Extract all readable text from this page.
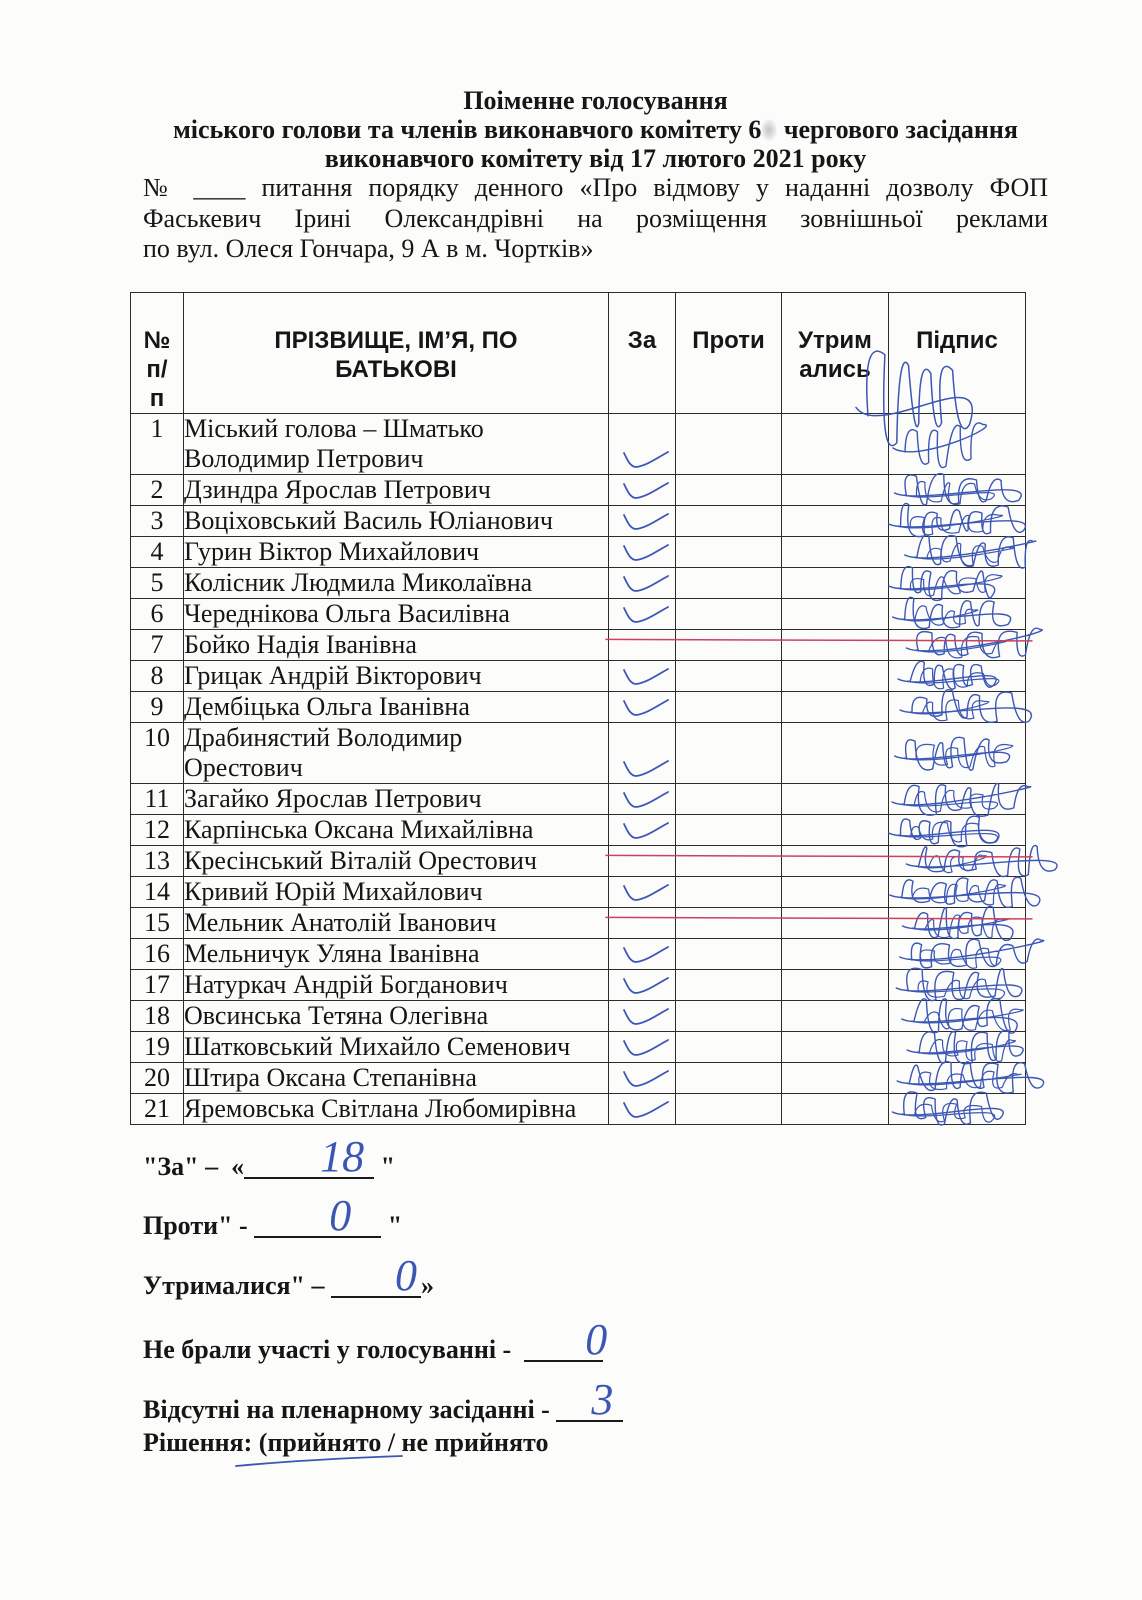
Поіменне голосування
міського голови та членів виконавчого комітету 6 чергового засідання
виконавчого комітету від 17 лютого 2021 року
№ ____ питання порядку денного «Про відмову у наданні дозволу ФОП
Фаськевич Ірині Олександрівні на розміщення зовнішньої реклами
по вул. Олеся Гончара, 9 А в м. Чортків»
№
п/
п	ПРІЗВИЩЕ, ІМ’Я, ПО
БАТЬКОВІ	За	Проти	Утрим
ались	Підпис

1	Міський голова – Шматько
Володимир Петрович

2	Дзиндра Ярослав Петрович

3	Воціховський Василь Юліанович

4	Гурин Віктор Михайлович

5	Колісник Людмила Миколаївна

6	Череднікова Ольга Василівна

7	Бойко Надія Іванівна				

8	Грицак Андрій Вікторович

9	Дембіцька Ольга Іванівна

10	Драбинястий Володимир
Орестович

11	Загайко Ярослав Петрович

12	Карпінська Оксана Михайлівна

13	Кресінський Віталій Орестович				

14	Кривий Юрій Михайлович

15	Мельник Анатолій Іванович				

16	Мельничук Уляна Іванівна

17	Натуркач Андрій Богданович

18	Овсинська Тетяна Олегівна

19	Шатковський Михайло Семенович

20	Штира Оксана Степанівна

21	Яремовська Світлана Любомирівна

"За" –  « 18 "
Проти" - 0 "
Утрималися" – 0 »
Не брали участі у голосуванні - 0
Відсутні на пленарному засіданні - 3
Рішення: (прийнято / не прийнято
